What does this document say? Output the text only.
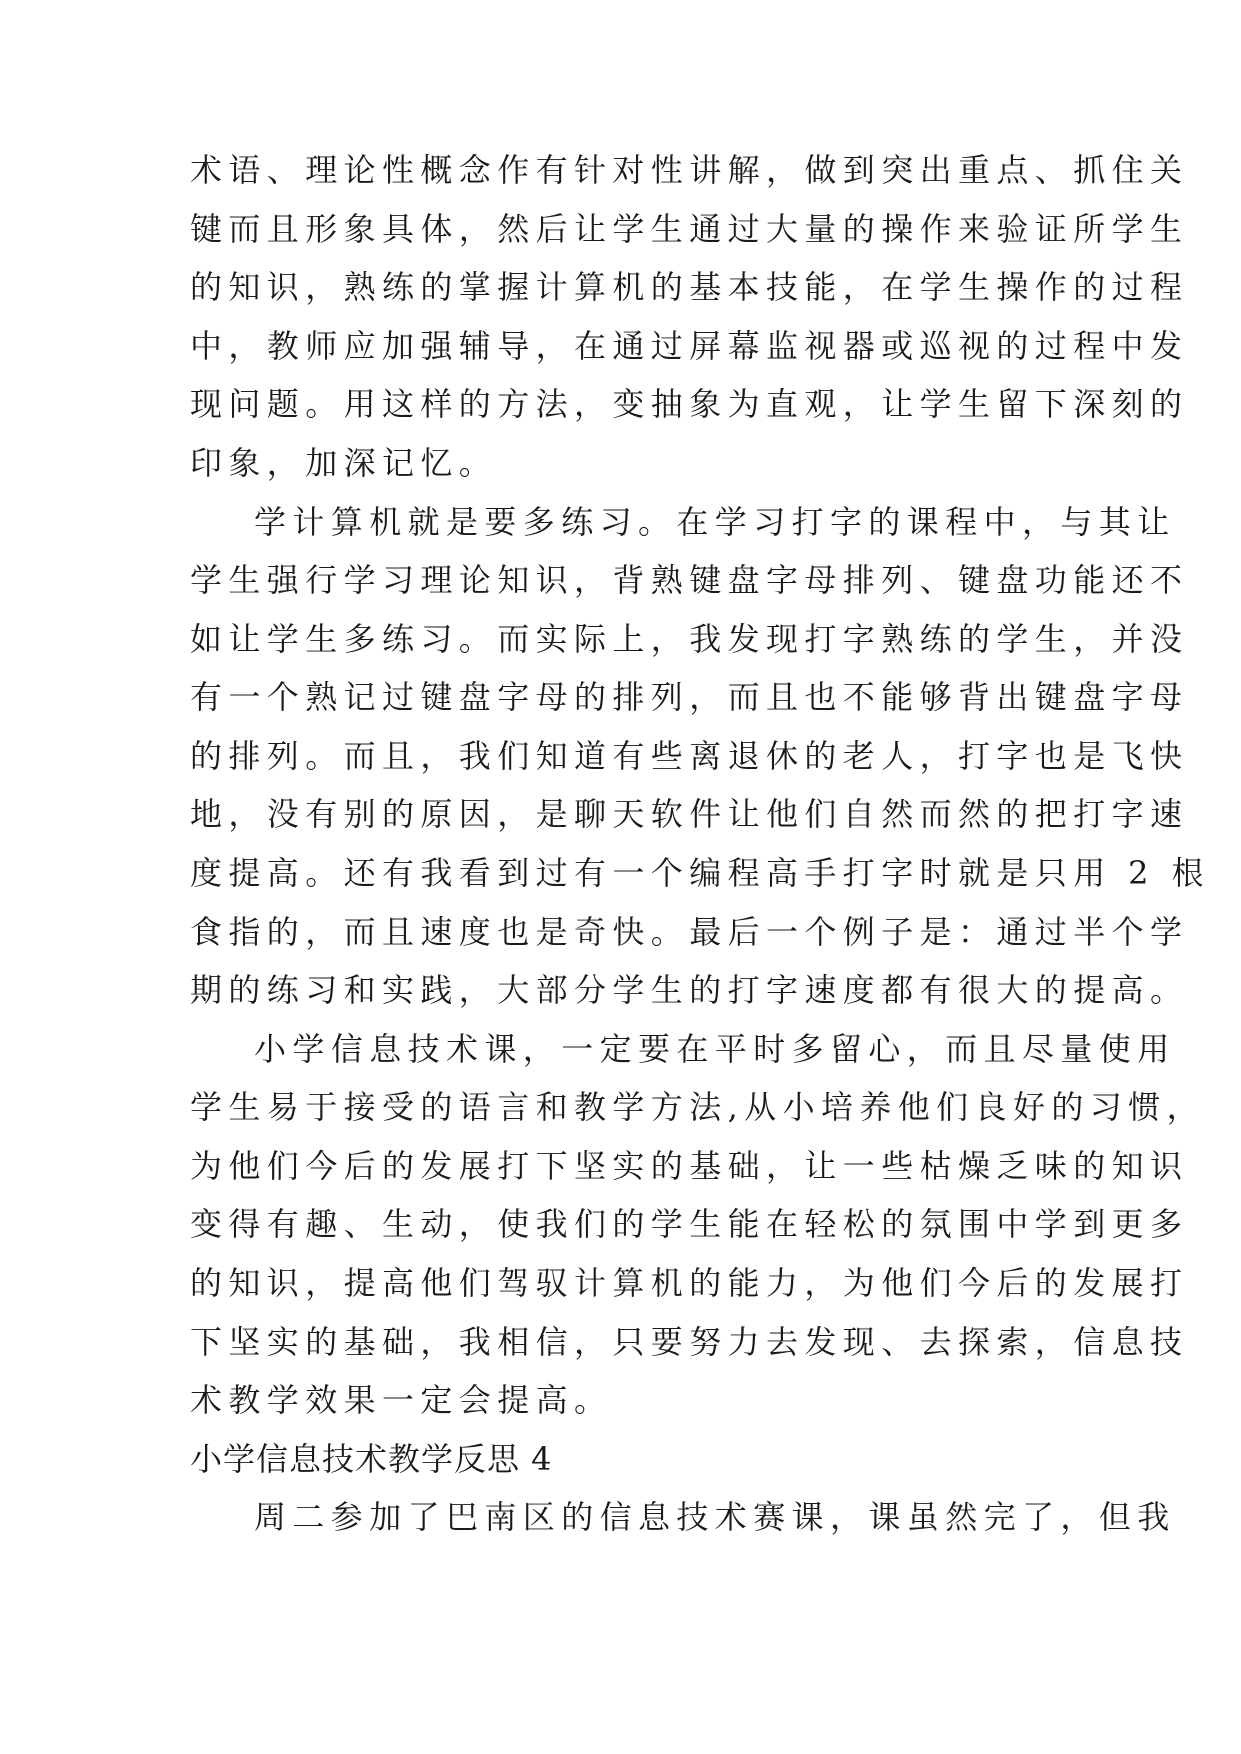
术语、理论性概念作有针对性讲解，做到突出重点、抓住关
键而且形象具体，然后让学生通过大量的操作来验证所学生
的知识，熟练的掌握计算机的基本技能，在学生操作的过程
中，教师应加强辅导，在通过屏幕监视器或巡视的过程中发
现问题。用这样的方法，变抽象为直观，让学生留下深刻的
印象，加深记忆。
学计算机就是要多练习。在学习打字的课程中，与其让
学生强行学习理论知识，背熟键盘字母排列、键盘功能还不
如让学生多练习。而实际上，我发现打字熟练的学生，并没
有一个熟记过键盘字母的排列，而且也不能够背出键盘字母
的排列。而且，我们知道有些离退休的老人，打字也是飞快
地，没有别的原因，是聊天软件让他们自然而然的把打字速
度提高。还有我看到过有一个编程高手打字时就是只用 2 根
食指的，而且速度也是奇快。最后一个例子是：通过半个学
期的练习和实践，大部分学生的打字速度都有很大的提高。
小学信息技术课，一定要在平时多留心，而且尽量使用
学生易于接受的语言和教学方法,从小培养他们良好的习惯，
为他们今后的发展打下坚实的基础，让一些枯燥乏味的知识
变得有趣、生动，使我们的学生能在轻松的氛围中学到更多
的知识，提高他们驾驭计算机的能力，为他们今后的发展打
下坚实的基础，我相信，只要努力去发现、去探索，信息技
术教学效果一定会提高。
小学信息技术教学反思 4
周二参加了巴南区的信息技术赛课，课虽然完了，但我
